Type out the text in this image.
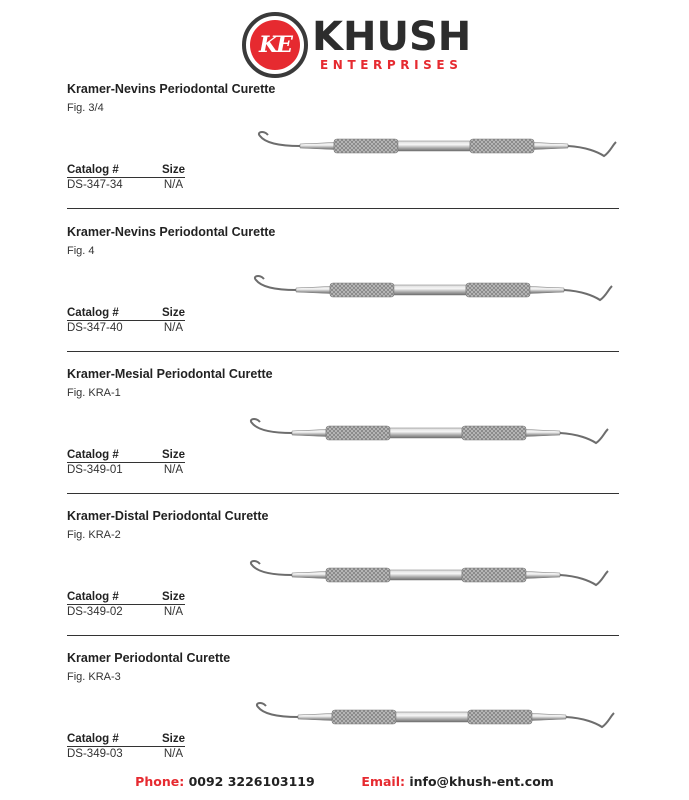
KE KHUSH
ENTERPRISES
Kramer-Nevins Periodontal Curette
Fig. 3/4
Catalog #	Size
DS-347-34	N/A
Kramer-Nevins Periodontal Curette
Fig. 4
Catalog #	Size
DS-347-40	N/A
Kramer-Mesial Periodontal Curette
Fig. KRA-1
Catalog #	Size
DS-349-01	N/A
Kramer-Distal Periodontal Curette
Fig. KRA-2
Catalog #	Size
DS-349-02	N/A
Kramer Periodontal Curette
Fig. KRA-3
Catalog #	Size
DS-349-03	N/A
Phone: 0092 3226103119	Email: info@khush-ent.com
